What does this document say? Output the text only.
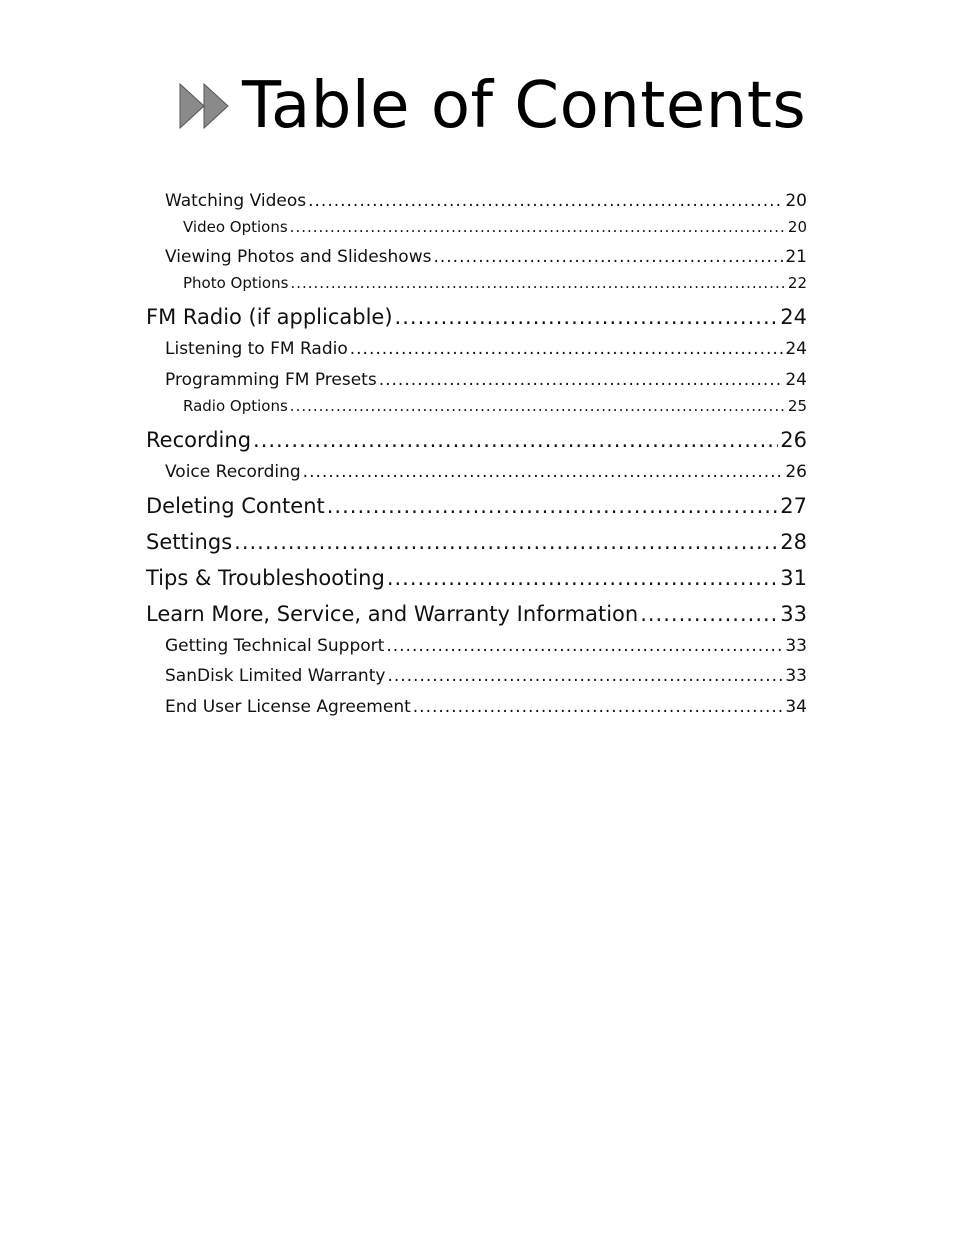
Table of Contents
Watching Videos .....	20
Video Options .....	20
Viewing Photos and Slideshows .....	21
Photo Options .....	22
FM Radio (if applicable) .....	24
Listening to FM Radio .....	24
Programming FM Presets .....	24
Radio Options .....	25
Recording .....	26
Voice Recording .....	26
Deleting Content .....	27
Settings .....	28
Tips & Troubleshooting .....	31
Learn More, Service, and Warranty Information .....	33
Getting Technical Support .....	33
SanDisk Limited Warranty .....	33
End User License Agreement .....	34
